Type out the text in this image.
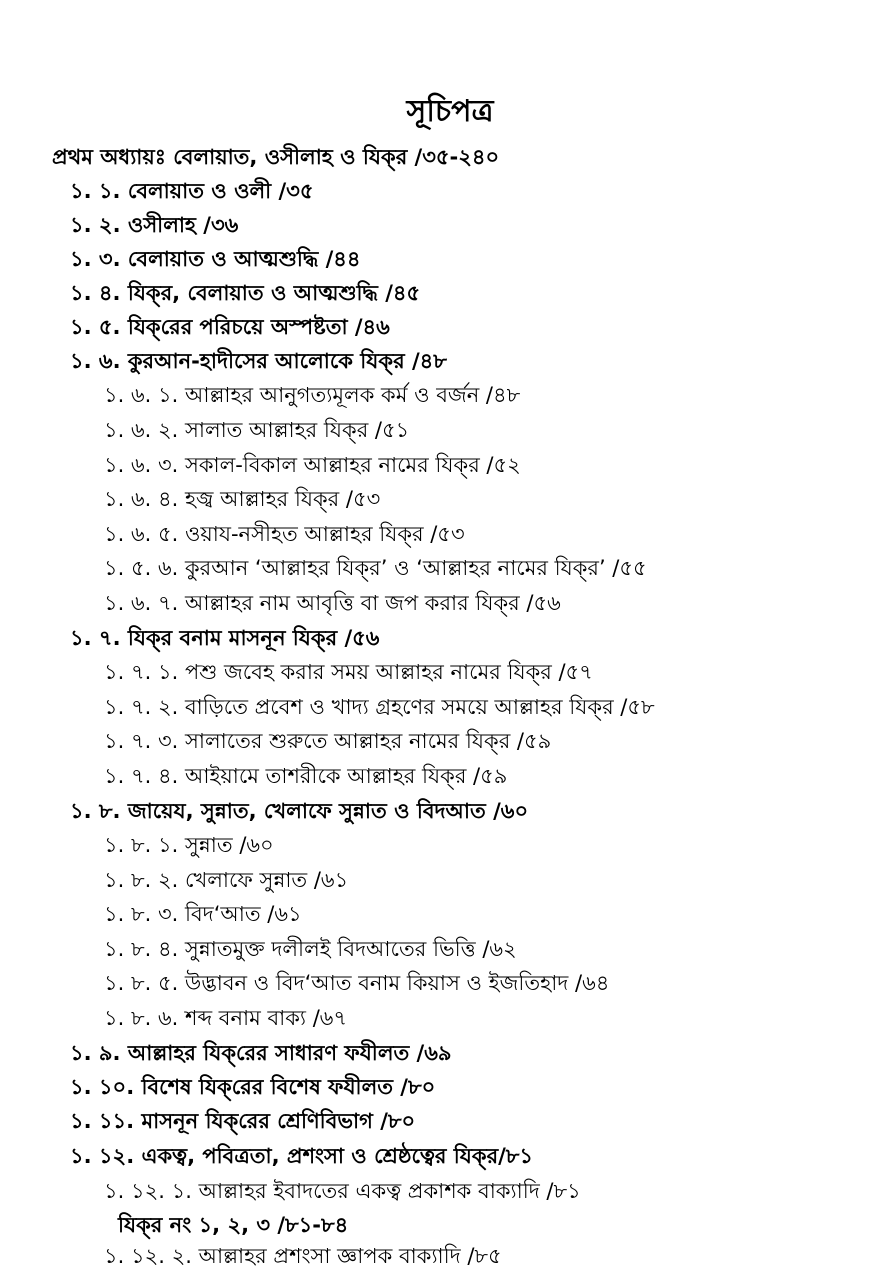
সূচিপত্র
প্রথম অধ্যায়ঃ বেলায়াত, ওসীলাহ ও যিক্‌র /৩৫-২৪০
১. ১. বেলায়াত ও ওলী /৩৫
১. ২. ওসীলাহ /৩৬
১. ৩. বেলায়াত ও আত্মশুদ্ধি /৪৪
১. ৪. যিক্‌র, বেলায়াত ও আত্মশুদ্ধি /৪৫
১. ৫. যিক্‌রের পরিচয়ে অস্পষ্টতা /৪৬
১. ৬. কুরআন-হাদীসের আলোকে যিক্‌র /৪৮
১. ৬. ১. আল্লাহর আনুগত্যমূলক কর্ম ও বর্জন /৪৮
১. ৬. ২. সালাত আল্লাহর যিক্‌র /৫১
১. ৬. ৩. সকাল-বিকাল আল্লাহর নামের যিক্‌র /৫২
১. ৬. ৪. হজ্ব আল্লাহর যিক্‌র /৫৩
১. ৬. ৫. ওয়ায-নসীহত আল্লাহর যিক্‌র /৫৩
১. ৫. ৬. কুরআন ‘আল্লাহর যিক্‌র’ ও ‘আল্লাহর নামের যিক্‌র’ /৫৫
১. ৬. ৭. আল্লাহর নাম আবৃত্তি বা জপ করার যিক্‌র /৫৬
১. ৭. যিক্‌র বনাম মাসনূন যিক্‌র /৫৬
১. ৭. ১. পশু জবেহ করার সময় আল্লাহর নামের যিক্‌র /৫৭
১. ৭. ২. বাড়িতে প্রবেশ ও খাদ্য গ্রহণের সময়ে আল্লাহর যিক্‌র /৫৮
১. ৭. ৩. সালাতের শুরুতে আল্লাহর নামের যিক্‌র /৫৯
১. ৭. ৪. আইয়ামে তাশরীকে আল্লাহর যিক্‌র /৫৯
১. ৮. জায়েয, সুন্নাত, খেলাফে সুন্নাত ও বিদআত /৬০
১. ৮. ১. সুন্নাত /৬০
১. ৮. ২. খেলাফে সুন্নাত /৬১
১. ৮. ৩. বিদ‘আত /৬১
১. ৮. ৪. সুন্নাতমুক্ত দলীলই বিদআতের ভিত্তি /৬২
১. ৮. ৫. উদ্ভাবন ও বিদ‘আত বনাম কিয়াস ও ইজতিহাদ /৬৪
১. ৮. ৬. শব্দ বনাম বাক্য /৬৭
১. ৯. আল্লাহর যিক্‌রের সাধারণ ফযীলত /৬৯
১. ১০. বিশেষ যিক্‌রের বিশেষ ফযীলত /৮০
১. ১১. মাসনূন যিক্‌রের শ্রেণিবিভাগ /৮০
১. ১২. একত্ব, পবিত্রতা, প্রশংসা ও শ্রেষ্ঠত্বের যিক্‌র/৮১
১. ১২. ১. আল্লাহর ইবাদতের একত্ব প্রকাশক বাক্যাদি /৮১
যিক্‌র নং ১, ২, ৩ /৮১-৮৪
১. ১২. ২. আল্লাহর প্রশংসা জ্ঞাপক বাক্যাদি /৮৫
